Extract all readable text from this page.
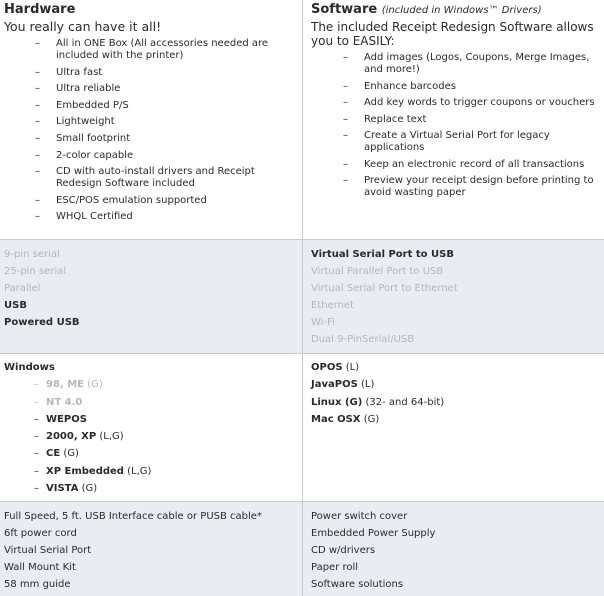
Hardware
You really can have it all!
– All in ONE Box (All accessories needed are included with the printer)
– Ultra fast
– Ultra reliable
– Embedded P/S
– Lightweight
– Small footprint
– 2-color capable
– CD with auto-install drivers and Receipt Redesign Software included
– ESC/POS emulation supported
– WHQL Certified
Software (included in Windows™ Drivers)
The included Receipt Redesign Software allows you to EASILY:
– Add images (Logos, Coupons, Merge Images, and more!)
– Enhance barcodes
– Add key words to trigger coupons or vouchers
– Replace text
– Create a Virtual Serial Port for legacy applications
– Keep an electronic record of all transactions
– Preview your receipt design before printing to avoid wasting paper
9-pin serial
25-pin serial
Parallel
USB
Powered USB
Virtual Serial Port to USB
Virtual Parallel Port to USB
Virtual Serial Port to Ethernet
Ethernet
Wi-Fi
Dual 9-PinSerial/USB
Windows
– 98, ME (G)
– NT 4.0
– WEPOS
– 2000, XP (L,G)
– CE (G)
– XP Embedded (L,G)
– VISTA (G)
OPOS (L)
JavaPOS (L)
Linux (G) (32- and 64-bit)
Mac OSX (G)
Full Speed, 5 ft. USB Interface cable or PUSB cable*
6ft power cord
Virtual Serial Port
Wall Mount Kit
58 mm guide
Power switch cover
Embedded Power Supply
CD w/drivers
Paper roll
Software solutions
